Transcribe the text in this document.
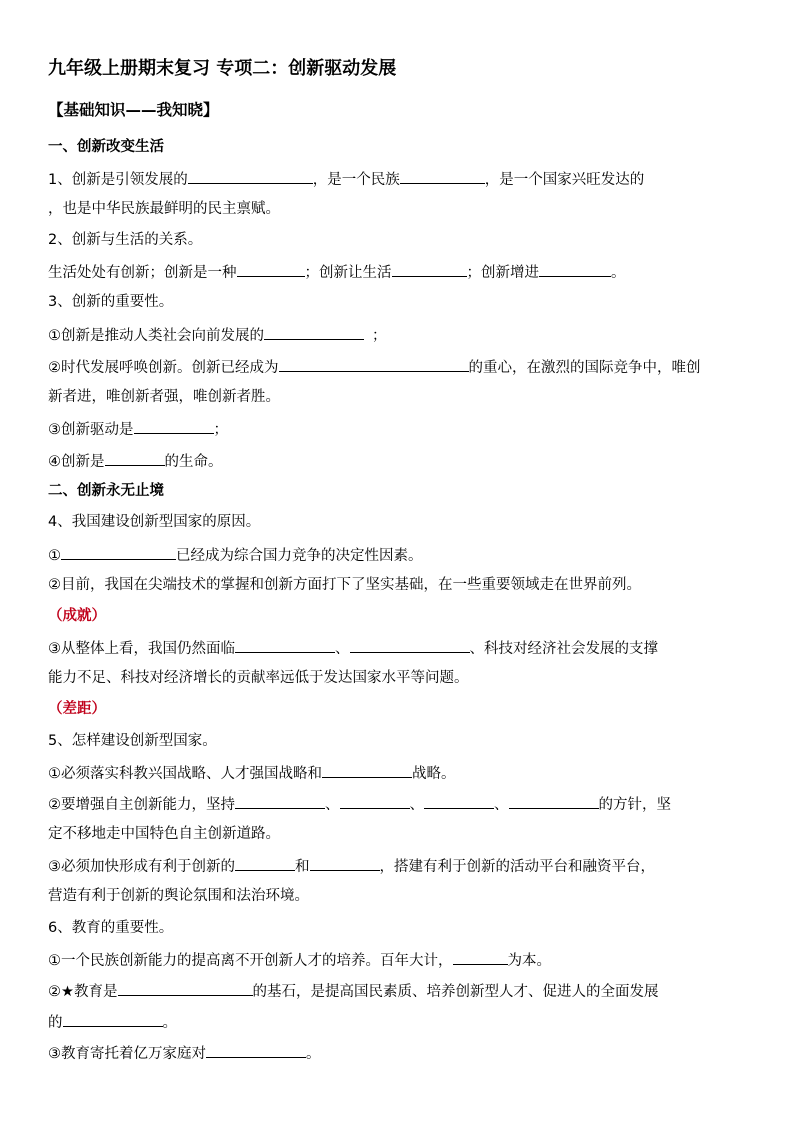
九年级上册期末复习 专项二：创新驱动发展
【基础知识——我知晓】
一、创新改变生活
1、创新是引领发展的	，是一个民族	，是一个国家兴旺发达的
，也是中华民族最鲜明的民主禀赋。
2、创新与生活的关系。
生活处处有创新；创新是一种	；创新让生活	；创新增进	。
3、创新的重要性。
①创新是推动人类社会向前发展的	；
②时代发展呼唤创新。创新已经成为	的重心，在激烈的国际竞争中，唯创
新者进，唯创新者强，唯创新者胜。
③创新驱动是	；
④创新是	的生命。
二、创新永无止境
4、我国建设创新型国家的原因。
①	已经成为综合国力竞争的决定性因素。
②目前，我国在尖端技术的掌握和创新方面打下了坚实基础，在一些重要领域走在世界前列。
（成就）
③从整体上看，我国仍然面临	、	、科技对经济社会发展的支撑
能力不足、科技对经济增长的贡献率远低于发达国家水平等问题。
（差距）
5、怎样建设创新型国家。
①必须落实科教兴国战略、人才强国战略和	战略。
②要增强自主创新能力，坚持	、	、	、	的方针，坚
定不移地走中国特色自主创新道路。
③必须加快形成有利于创新的	和	，搭建有利于创新的活动平台和融资平台，
营造有利于创新的舆论氛围和法治环境。
6、教育的重要性。
①一个民族创新能力的提高离不开创新人才的培养。百年大计，	为本。
②★教育是	的基石，是提高国民素质、培养创新型人才、促进人的全面发展
的	。
③教育寄托着亿万家庭对	。
